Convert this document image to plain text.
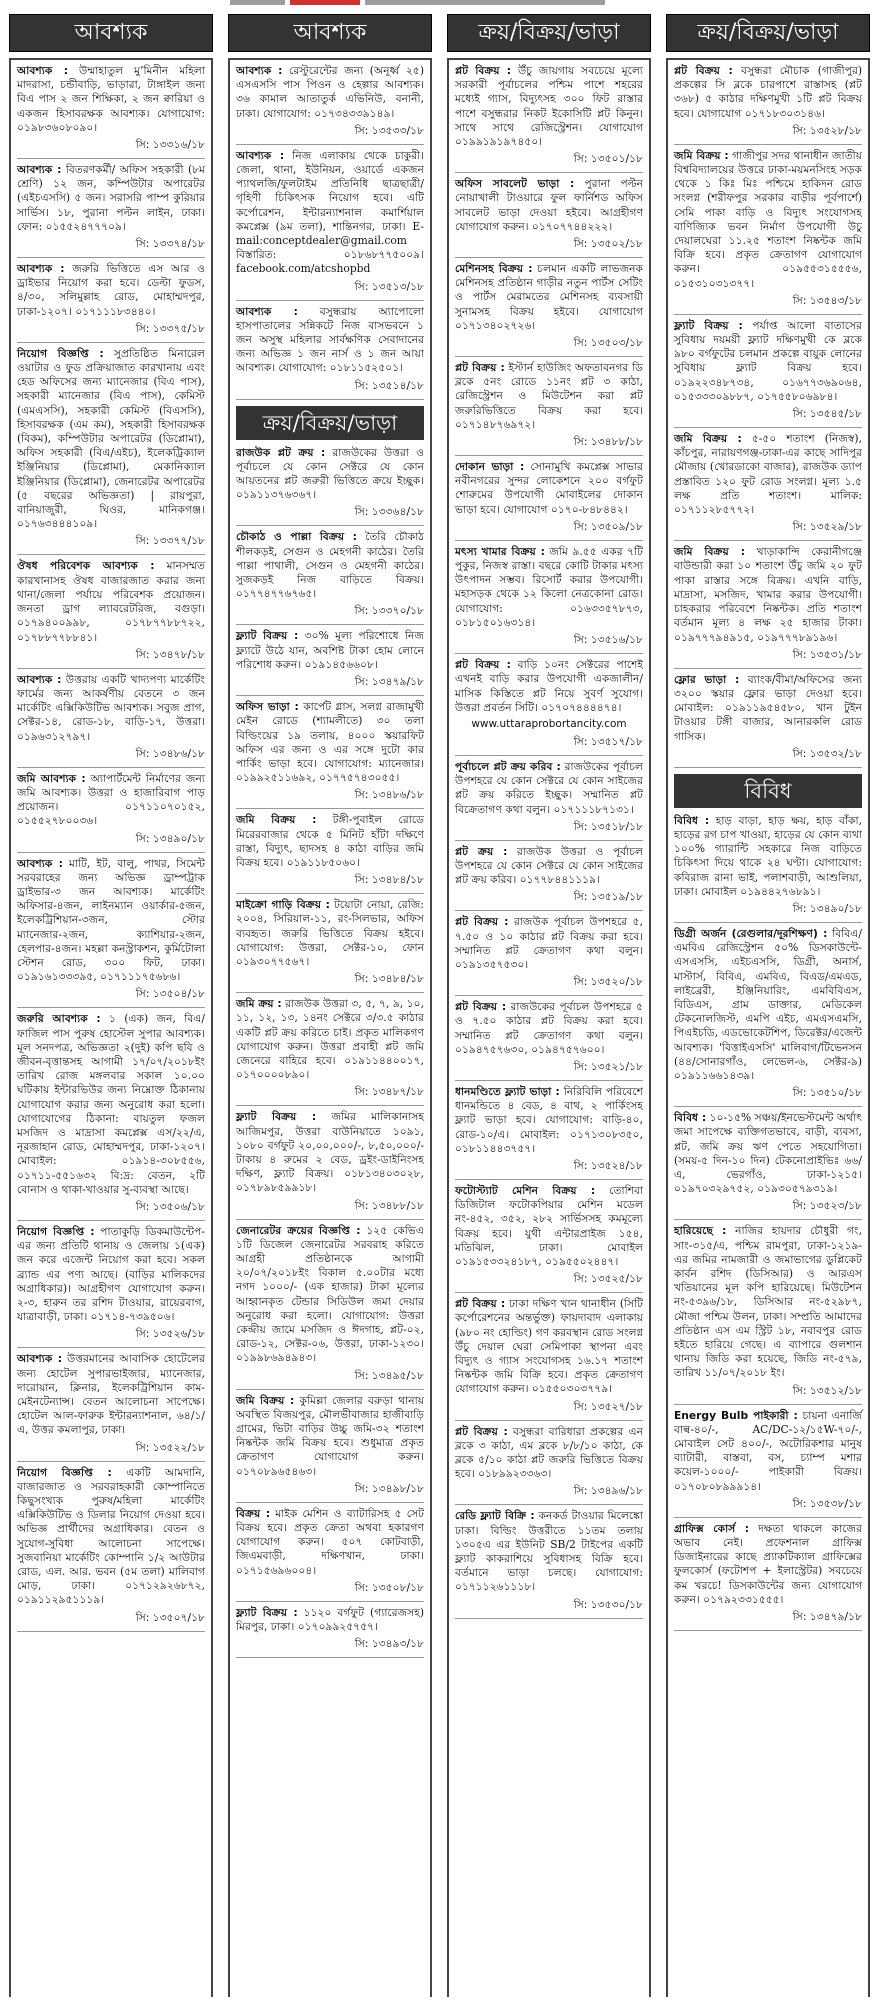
আবশ্যক

আবশ্যক : উম্মাহাতুল মু’মিনীন মহিলা মাদরাসা, চন্ডীবাড়ি, ভাড়ারা, টাঙ্গাইল জন্য বিএ পাস ২ জন শিক্ষিকা, ২ জন ক্বারিয়া ও একজন হিসাবরক্ষক আবশ্যক। যোগাযোগ: ০১৯৮৩৬০৮০৯০।

সি: ১৩৩১৬/১৮

আবশ্যক : বিতরণকর্মী/ অফিস সহকারী (৮ম শ্রেণি) ১২ জন, কম্পিউটার অপারেটর (এইচএসসি) ৫ জন। সরাসরি পাম্প কুরিয়ার সার্ভিস। ১৮, পুরানা পল্টন লাইন, ঢাকা। ফোন: ০১৫৫২৪৭৭৭০৯।

সি: ১৩৩৭৪/১৮

আবশ্যক : জরুরি ভিত্তিতে এস আর ও ড্রাইভার নিয়োগ করা হবে। ডেল্টা ফুডস, ৪/৩০, সলিমুল্লাহ রোড, মোহাম্মদপুর, ঢাকা-১২০৭। ০১৭১১১৮৩৪৪০।

সি: ১৩৩৭৫/১৮

নিয়োগ বিজ্ঞপ্তি : সুপ্রতিষ্ঠিত মিনারেল ওয়াটার ও ফুড প্রক্রিয়াজাত কারখানায় এবং হেড অফিসের জন্য ম্যানেজার (বিএ পাস), সহকারী ম্যানেজার (বিএ পাস), কেমিস্ট (এমএসসি), সহকারী কেমিস্ট (বিএসসি), হিসাবরক্ষক (এম কম), সহকারী হিসাবরক্ষক (বিকম), কম্পিউটার অপারেটর (ডিপ্লোমা), অফিস সহকারী (বিএ/এইচ), ইলেকট্রিক্যাল ইঞ্জিনিয়ার (ডিপ্লোমা), মেকানিক্যাল ইঞ্জিনিয়ার (ডিপ্লোমা), জেনারেটর অপারেটর (৫ বছরের অভিজ্ঞতা) | রায়পুরা, বানিয়াজুরী, ঘিওর, মানিকগঞ্জ। ০১৭৬৩৪৪৪১০৯।

সি: ১৩৩৭৭/১৮

ঔষধ পরিবেশক আবশ্যক : মানসম্মত কারখানাসহ ঔষধ বাজারজাত করার জন্য থানা/জেলা পর্যায়ে পরিবেশক প্রয়োজন। জনতা ড্রাগ ল্যাবরেটরিজ, বগুড়া। ০১৭৯৪০০৯৯৮, ০১৭৮৭৭৮৮৭২২, ০১৭৮৮৭৭৮৮৪১।

সি: ১৩৪৭৮/১৮

আবশ্যক : উত্তরায় একটি খাদ্যপণ্য মার্কেটিং ফার্মের জন্য আকর্ষণীয় বেতনে ৩ জন মার্কেটিং এক্সিকিউটিভ আবশ্যক। সবুজ প্রাগ, সেক্টর-১৪, রোড-১৮, বাড়ি-১৭, উত্তরা। ০১৯৬৩১২৭৯৭।

সি: ১৩৪৮৬/১৮

জমি আবশ্যক : অ্যাপার্টমেন্ট নির্মাণের জন্য জমি আবশ্যক। উত্তরা ও হাজারিবাগ পাড় প্রয়োজন। ০১৭১১০৭০১৫২, ০১৫৫২৭৮০০৩৬।

সি: ১৩৪৯০/১৮

আবশ্যক : মাটি, ইট, বালু, পাথর, সিমেন্ট সরবরাহের জন্য অভিজ্ঞ ড্রাম্পট্রাক ড্রাইভার-৩ জন আবশ্যক। মার্কেটিং অফিসার-৪জন, লাইনম্যান ওয়ার্কার-৫জন, ইলেকট্রিশিয়ান-৩জন, স্টোর ম্যানেজার-২জন, ক্যাশিয়ার-২জন, হেলপার-৪জন। মহল্লা কনস্ট্রাকশন, কুর্মিটোলা স্টেশন রোড, ৩০০ ফিট, ঢাকা। ০১৯১৬১৩৩৩৯৫, ০১৭১১১৭৫৬৮৬।

সি: ১৩৫০৪/১৮

জরুরি আবশ্যক : ১ (এক) জন, বিএ/ফাজিল পাস পুরুষ হোস্টেল সুপার আবশ্যক। মূল সনদপত্র, অভিজ্ঞতা ২(দুই) কপি ছবি ও জীবন-বৃত্তান্তসহ আগামী ১৭/০৭/২০১৮ইং তারিখ রোজ মঙ্গলবার সকাল ১০.০০ ঘটিকায় ইন্টারভিউর জন্য নিম্নোক্ত ঠিকানায় যোগাযোগ করার জন্য অনুরোধ করা হলো। যোগাযোগের ঠিকানা: বায়তুল ফজল মসজিদ ও মাদ্রাসা কমপ্লেক্স এস/২২/এ, নূরজাহান রোড, মোহাম্মদপুর, ঢাকা-১২০৭। মোবাইল: ০১৯১৪-৩০৮৫৫৬, ০১৭১১-৫৫১৬৩২ বি:দ্র: বেতন, ২টি বোনাস ও থাকা-খাওয়ার সু-ব্যবস্থা আছে।

সি: ১৩৫০৬/১৮

নিয়োগ বিজ্ঞপ্তি : পাতাকুড়ি ডিকমাউন্টেপ-এর জন্য প্রতিটি থানায় ও জেলায় ১(এক) জন করে এজেন্ট নিয়োগ করা হবে। সকল ব্র্যান্ড এর পণ্য আছে। (বাড়ির মালিকদের অগ্রাধিকার)। আগ্রহীগণ যোগাযোগ করুন। ২-৩, হারুন তর রশিদ টাওয়ার, রায়েরবাগ, যাত্রাবাড়ী, ঢাকা। ০১৭১৪-৭৩৯৫০৬।

সি: ১৩৫২৬/১৮

আবশ্যক : উত্তরমানের আবাসিক হোটেলের জন্য হোটেল সুপারভাইজার, ম্যানেজার, দারোয়ান, ক্লিনার, ইলেকট্রিশিয়ান কাম-মেইনটেন্যান্স। বেতন আলোচনা সাপেক্ষে। হোটেল আল-ফারুক ইন্টারন্যাশনাল, ৬৪/১/এ, উত্তর কমলাপুর, ঢাকা।

সি: ১৩৫২২/১৮

নিয়োগ বিজ্ঞপ্তি : একটি আমদানি, বাজারজাত ও সরবরাহকারী কোম্পানিতে কিছুসংখ্যক পুরুষ/মহিলা মার্কেটিং এক্সিকিউটিভ ও ডিলার নিয়োগ দেওয়া হবে। অভিজ্ঞ প্রার্থীদের অগ্রাধিকার। বেতন ও সুযোগ-সুবিধা আলোচনা সাপেক্ষে। সুজবানিয়া মার্কেটিং কোম্পানি ১/২ আউটার রোড, এল. আর. ভবন (৫ম তলা) মালিবাগ মোড়, ঢাকা। ০১৭১২৯২৬৮৭২, ০১৯১১২৯৫১১১৯।

সি: ১৩৫০৭/১৮
আবশ্যক

আবশ্যক : রেস্টুরেন্টের জন্য (অনূর্ধ্ব ২৫) এসএসসি পাস পিওন ও হেল্পার আবশ্যক। ৩৬ কামাল আতাতুর্ক এভিনিউ, বনানী, ঢাকা। যোগাযোগ: ০১৭৩৪৩৩৯১৪৯।

সি: ১৩৫৩৩/১৮

আবশ্যক : নিজ এলাকায় থেকে চাকুরী। জেলা, থানা, ইউনিয়ন, ওয়ার্ডে একজন প্যাথলজি/ফুলটাইম প্রতিনিধি ছাত্রছাত্রী/গৃহিণী চিকিৎসক নিয়োগ হবে। এটি কর্পোরেশন, ইন্টারন্যাশনাল কমার্শিয়াল কমপ্লেক্স (৯ম তলা), শান্তিনগর, ঢাকা। E-mail:conceptdealer@gmail.com বিস্তারিত: ০১৮৬৮৭৭৫০০৯। facebook.com/atcshopbd

সি: ১৩৫১৩/১৮

আবশ্যক : বসুন্ধরায় অ্যাপোলো হাসপাতালের সন্নিকটে নিজ বাসভবনে ১ জন অসুস্থ মহিলার সার্বক্ষণিক সেবাদানের জন্য অভিজ্ঞ ১ জন নার্স ও ১ জন আয়া আবশ্যক। যোগাযোগ: ০১৮১১৫২৫০১।

সি: ১৩৫১৪/১৮
ক্রয়/বিক্রয়/ভাড়া

রাজউক প্লট ক্রয় : রাজউকের উত্তরা ও পূর্বাচলে যে কোন সেক্টরে যে কোন আয়তনের প্লট জরুরী ভিত্তিতে ক্রয়ে ইচ্ছুক। ০১৯১১৩৭৬৩৬৭।

সি: ১৩৩৬৪/১৮

চৌকাঠ ও পাল্লা বিক্রয় : তৈরি চৌকাঠ শীলকড়ই, সেগুন ও মেহগনী কাঠের। তৈরি পাল্লা পাথালী, সেগুন ও মেহগনী কাঠের। সুজকড়ই নিজ বাড়িতে বিক্রয়। ০১৭৭৪৭৭৬৭৬৫।

সি: ১৩৩৭০/১৮

ফ্ল্যাট বিক্রয় : ৩০% মূল্য পরিশোধে নিজ ফ্ল্যাটে উঠে যান, অবশিষ্ট টাকা হোম লোনে পরিশোধ করুন। ০১৯১৪৫৬৬০৮।

সি: ১৩৪৭৯/১৮

অফিস ভাড়া : কার্পেট গ্লাস, সলগ্ন রাজামুখী মেইন রোডে (শ্যামলীতে) ৩০ তলা বিল্ডিংয়ের ১৯ তলায়, ৪০০০ স্কয়ারফিট অফিস এর জন্য ও এর সঙ্গে দুটো কার পার্কিং ভাড়া হবে। যোগাযোগ: ম্যানেজার। ০১৯৯২৫১১৬৯২, ০১৭৭৫৭৪৩০৫৫।

সি: ১৩৪৮৬/১৮

জমি বিক্রয় : টঙ্গী-পুবাইল রোডে মিরেরবাজার থেকে ৫ মিনিট হাঁটা দক্ষিণে রাস্তা, বিদ্যুৎ, ছাদসহ ৪ কাঠা বাড়ির জমি বিক্রয় হবে। ০১৯১১৮৫০৬০।

সি: ১৩৪৮৪/১৮

মাইক্রো গাড়ি বিক্রয় : টয়োটা নোয়া, রেজি: ২০০৪, সিরিয়াল-১১, রং-সিলভার, অফিস ব্যবহৃত। জরুরি ভিত্তিতে বিক্রয় হইবে। যোগাযোগ: উত্তরা, সেক্টর-১০, ফোন ০১৯৩০৭৭৫৬৭।

সি: ১৩৪৮৪/১৮

জমি ক্রয় : রাজউক উত্তরা ৩, ৫, ৭, ৯, ১০, ১১, ১২, ১৩, ১৪নং সেক্টরে ৩/৩.৫ কাঠার একটি প্লট ক্রয় করিতে চাই। প্রকৃত মালিকগণ যোগাযোগ করুন। উত্তরা প্রবাহী প্লট জমি জেনেরে বাহিরে হবে। ০১৯১১৪৪০০১৭, ০১৭০০০০৮৯০।

সি: ১৩৪৮৭/১৮

ফ্ল্যাট বিক্রয় : জমির মালিকানাসহ আজিমপুর, উত্তরা বাউনিয়াতে ১০৯১, ১০৮০ বর্গফুট ২০,০০,০০০/-, ৮,৫০,০০০/- টাকায় ৪ রুমের ২ বেড, ড্রইং-ডাইনিংসহ দক্ষিণ, ফ্ল্যাট বিক্রয়। ০১৮১৩৪০৩০২৮, ০১৭৮৯৮৫৯৯১৮।

সি: ১৩৪৮৮/১৮

জেনারেটর ক্রয়ের বিজ্ঞপ্তি : ১২৫ কেভিএ ১টি ডিজেল জেনারেটর সরবরাহ করিতে আগ্রহী প্রতিষ্ঠানকে আগামী ২০/০৭/২০১৮ইং বিকাল ৫.০০টার মধ্যে নগদ ১০০০/- (এক হাজার) টাকা মূল্যের আহ্বানকৃত টেন্ডার সিডিউল জমা দেয়ার অনুরোধ করা হলো। যোগাযোগ: উত্তরা কেন্দ্রীয় জামে মসজিদ ও ঈদগাহ, প্লট-০২, রোড-১২, সেক্টর-০৬, উত্তরা, ঢাকা-১২৩০। ০১৯৯৮৬৯৪৯৪৩।

সি: ১৩৪৯৫/১৮

জমি বিক্রয় : কুমিল্লা জেলার বরুড়া থানায় অবস্থিত বিজয়পুর, মৌলভীবাজার হাজীবাড়ি গ্রামের, ভিটা বাড়ির উচ্চু জমি-৩২ শতাংশ নিষ্কন্টক জমি বিক্রয় হবে। শুধুমাত্র প্রকৃত ক্রেতাগণ যোগাযোগ করুন। ০১৭০৮৯৬৫৪৬৩।

সি: ১৩৪৯৮/১৮

বিক্রয় : মাইক মেশিন ও ব্যাটারিসহ ৫ সেট বিক্রয় হবে। প্রকৃত ক্রেতা অথবা হকারগণ যোগাযোগ করুন। ৫০৭ কোটবাড়ী, জিএমবাড়ী, দক্ষিণখান, ঢাকা। ০১৭১৫৬৯৬০০৪।

সি: ১৩৫০৮/১৮

ফ্ল্যাট বিক্রয় : ১১২০ বর্গফুট (গ্যারেজসহ) মিরপুর, ঢাকা। ০১৭০৯৯২৫৭৫৭।

সি: ১৩৪৯৩/১৮
ক্রয়/বিক্রয়/ভাড়া

প্লট বিক্রয় : উঁচু জায়গায় সবচেয়ে মূল্যে সরকারী পূর্বাচলের পশ্চিম পাশে শহরের মধ্যেই গ্যাস, বিদ্যুৎসহ ৩০০ ফিট রাস্তার পাশে বসুন্ধরার নিকট ইকোসিটি প্লট কিনুন। সাথে সাথে রেজিস্ট্রেশন। যোগাযোগ ০১৯৯১৯১৯৭৪৫০।

সি: ১৩৫০১/১৮

অফিস সাবলেট ভাড়া : পুরানা পল্টন নোয়াখালী টাওয়ারে ফুল ফার্নিশড অফিস সাবলেট ভাড়া দেওয়া হইবে। আগ্রহীগণ যোগাযোগ করুন। ০১৭০৭৭৪৪২২২।

সি: ১৩৫০২/১৮

মেশিনসহ বিক্রয় : চলমান একটি লাভজনক মেশিনসহ প্রতিষ্ঠান গাড়ীর নতুন পার্টস সেটিং ও পার্টস মেরামতের মেশিনসহ ব্যবসায়ী সুনামসহ বিক্রয় হইবে। যোগাযোগ ০১৭১৩৪০২৭২৬।

সি: ১৩৫০৩/১৮

প্লট বিক্রয় : ইস্টার্ন হাউজিং অফতাবনগর ডি ব্লকে ৫নং রোডে ১১নং প্লট ৩ কাঠা, রেজিস্ট্রেশন ও মিউটেশন করা প্লট জরুরিভিত্তিতে বিক্রয় করা হবে। ০১৭১৪৮৭৬৯৭২।

সি: ১৩৪৮৮/১৮

দোকান ভাড়া : সোনামুখি কমপ্লেক্স সাভার নবীনগরের সুন্দর লোকেশনে ২০০ বর্গফুট শোরুমের উপযোগী মোবাইলের দোকান ভাড়া হবে। যোগাযোগ ০১৭০-৮৪৮৪৪২।

সি: ১৩৫০৯/১৮

মৎস্য খামার বিক্রয় : জমি ৯.৫৫ একর ৭টি পুকুর, নিজস্ব রাস্তা। বছরে কোটি টাকার মৎস্য উৎপাদন সম্ভব। রিসোর্ট করার উপযোগী। মহাসড়ক থেকে ১২ কিলো নেত্রকোনা রোড। যোগাযোগ: ০১৬৩৩৫৭৮৭৩, ০১৮১৫০১৬৩১৪।

সি: ১৩৫১৬/১৮

প্লট বিক্রয় : বাড়ি ১০নং সেক্টরের পাশেই এখনই বাড়ি করার উপযোগী একজালীন/মাসিক কিস্তিতে প্লট নিয়ে সুবর্ণ সুযোগ। উত্তরা প্রবর্তন সিটি। ০১৭০৭৪৪৪৪৭৪।

www.uttaraprobortancity.com
সি: ১৩৫১৭/১৮

পূর্বাচলে প্লট ক্রয় করিব : রাজউকের পূর্বাচল উপশহরে যে কোন সেক্টরে যে কোন সাইজের প্লট ক্রয় করিতে ইচ্ছুক। সম্মানিত প্লট বিক্রেতাগণ কথা বলুন। ০১৭১১১৮৭১৩১।

সি: ১৩৫১৮/১৮

প্লট ক্রয় : রাজউক উত্তরা ও পূর্বাচল উপশহরে যে কোন সেক্টরে যে কোন সাইজের প্লট ক্রয় করিব। ০১৭৭৮৪৪১১১৯।

সি: ১৩৫১৯/১৮

প্লট বিক্রয় : রাজউক পূর্বাচল উপশহরে ৫, ৭.৫০ ও ১০ কাঠার প্লট বিক্রয় করা হবে। সম্মানিত প্লট ক্রেতাগণ কথা বলুন। ০১৯১৩৫৭৫৩০।

সি: ১৩৫২০/১৮

প্লট বিক্রয় : রাজউকের পূর্বাচল উপশহরে ৫ ও ৭.৫০ কাঠার প্লট বিক্রয় করা হবে। সম্মানিত প্লট ক্রেতাগণ কথা বলুন। ০১৯৪৭৫৭৬৩০, ০১৯৪৭৫৭৬০০।

সি: ১৩৫২১/১৮

ধানমণ্ডিতে ফ্ল্যাট ভাড়া : নিরিবিলি পরিবেশে ধানমন্ডিতে ৪ বেড, ৪ বাথ, ২ পার্কিংসহ ফ্ল্যাট ভাড়া হবে। যোগাযোগ: বাড়ি-৪০, রোড-১০/এ। মোবাইল: ০১৭১৩০৮৩৫০, ০১৮১১৪৪৩৭৫৭।

সি: ১৩৫২৪/১৮

ফটোস্ট্যাট মেশিন বিক্রয় : তোশিবা ডিজিটাল ফটোকপিয়ার মেশিন মডেল নং-৪৫২, ৩৫২, ২৮২ সার্ভিসসহ কমমূল্যে বিক্রয় হবে। যুথী এন্টারপ্রাইজ ১৫৪, মতিঝিল, ঢাকা। মোবাইল ০১৯১৫৩৩২৪১৮৭, ০১৯৫৫০২৪৪৭।

সি: ১৩৫২৫/১৮

প্লট বিক্রয় : ঢাকা দক্ষিণ খান থানাধীন (সিটি কর্পোরেশনের অন্তর্ভুক্ত) ফায়দাবাদ এলাকায় (৯৮০ নং হোল্ডিং) গণ করবস্থান রোড সংলগ্ন উঁচু দেয়াল ঘেরা সেমিপাকা স্থাপনা এবং বিদ্যুৎ ও গ্যাস সংযোগসহ ১৬.১৭ শতাংশ নিষ্কন্টক জমি বিক্রি হবে। প্রকৃত ক্রেতাগণ যোগাযোগ করুন। ০১৫৫০৩০৩৭৭৯।

সি: ১৩৫২৭/১৮

প্লট বিক্রয় : বসুন্ধরা বারিধারা প্রকল্পের এন ব্লকে ৩ কাঠা, এম ব্লকে ৮/৮/১০ কাঠা, কে ব্লকে ৫/১০ কাঠা প্লট জরুরি ভিত্তিতে বিক্রয় হবে। ০১৮৯৯২৩৩৬৩।

সি: ১৩৪৯৬/১৮

রেডি ফ্ল্যাট বিক্রি : কনকর্ড টাওয়ার মিলেঙ্কো ঢাকা। বিল্ডিং উত্তরীতে ১১তম তলায় ১৩০৫এ এর ইউনিট SB/2 টাইপের একটি ফ্ল্যাট কাকরাশিয়ে সুবিধাসহ বিক্রি হবে। বর্তমানে ভাড়া চলছে। যোগাযোগ: ০১৭১১২৬১১১৮।

সি: ১৩৫৩০/১৮
ক্রয়/বিক্রয়/ভাড়া

প্লট বিক্রয় : বসুন্ধরা মৌচাক (গাজীপুর) প্রকল্পের সি ব্লকে চারপাশে রাস্তাসহ (প্লট ৩৬৮) ৫ কাঠার দক্ষিণমুখী ১টি প্লট বিক্রয় হবে। যোগাযোগ ০১৭১৮৩০৩১৪৬।

সি: ১৩৫২৮/১৮

জমি বিক্রয় : গাজীপুর সদর থানাধীন জাতীয় বিশ্ববিদ্যালয়ের উত্তরে ঢাকা-ময়মনসিংহ সড়ক থেকে ১ কিঃ মিঃ পশ্চিমে হাকিদন রোড সংলগ্ন (শরীফপুর সরকার বাড়ীর পূর্বপার্শে) সেমি পাকা বাড়ি ও বিদ্যুৎ সংযোগসহ বাণিজ্যিক ভবন নির্মাণ উপযোগী উচু দেয়ালঘেরা ১১.২৫ শতাংশ নিষ্কন্টক জমি বিক্রি হবে। প্রকৃত ক্রেতাগণ যোগাযোগ করুন। ০১৯৫৫৩১৫৫৫৬, ০১৫৩১০৩১৩৭৭।

সি: ১৩৫৪৩/১৮

ফ্ল্যাট বিক্রয় : পর্যাপ্ত আলো বাতাসের সুবিধায় দয়ময়ী ফ্ল্যাট দক্ষিণমুখী কে ব্লকে ৯৮০ বর্গফুটের চলমান প্রকল্পে বায়ুক লোনের সুবিধায় ফ্ল্যাট বিক্রয় হবে। ০১৯২২৩৪৮৭৩৪, ০১৬৭৭৩৬৯০৬৪, ০১৫৩৩৩০৯৮৮৭, ০১৭৫৫৮০৬৯৮৪।

সি: ১৩৫৪৫/১৮

জমি বিক্রয় : ৫-৫০ শতাংশ (নিজস্ব), কাঁচপুর, নারায়ণগঞ্জ-ঢাকা-এর কাছে সাদিপুর মৌজায় (খোরডাকো বাজার), রাজউক ড্যাপ প্রস্তাবিত ১২০ ফুট রোড সংলগ্ন। মূল্য ১.৫ লক্ষ প্রতি শতাংশ। মালিক: ০১৭১১২৮৫৭৭২।

সি: ১৩৫২৯/১৮

জমি বিক্রয় : খাড়াকান্দি কেরানীগঞ্জে বাউন্ডারী করা ১০ শতাংশ উঁচু জমি ২০ ফুট পাকা রাস্তার সঙ্গে বিক্রয়। এখনি বাড়ি, মাদ্রাসা, মসজিদ, খামার করার উপযোগী। চাহকরার পরিবেশে নিষ্কন্টক। প্রতি শতাংশ বর্তমান মূল্য ৪ লক্ষ ২৫ হাজার টাকা। ০১৯৭৭৭৯৪৯১৫, ০১৯৭৭৭৮৯১৯৬।

সি: ১৩৫৩১/১৮

ফ্লোর ভাড়া : ব্যাংক/বীমা/অফিসের জন্য ৩২০০ স্কয়ার ফ্লোর ভাড়া দেওয়া হবে। মোবাইল: ০১৯১১৯৫৪৫৮০, খান টুইন টাওয়ার টঙ্গী বাজার, আনারকলি রোড গাসিক।

সি: ১৩৫৩২/১৮
বিবিধ

বিবিধ : হাড় বাড়া, হাড় ক্ষয়, হাড় বাঁকা, হাড়ের রগ চাপ খাওয়া, হাড়ের যে কোন ব্যথা ১০০% গ্যারান্টি সহকারে নিজ বাড়িতে চিকিৎসা দিয়ে থাকে ২৪ ঘণ্টা। যোগাযোগ: কবিরাজ রানা ভাই, পলাশবাড়ী, আশুলিয়া, ঢাকা। মোবাইল ০১৯৪৪২৭৬৮৯১।

সি: ১৩৪৯০/১৮

ডিগ্রী অর্জন (রেগুলার/দূরশিক্ষণ) : বিবিএ/এমবিএ রেজিস্ট্রেশন ৫০% ডিসকাউন্টে-এসএসসি, এইচএসসি, ডিগ্রী, অনার্স, মাস্টার্স, বিবিএ, এমবিএ, বিএড/এমএড, লাইব্রেরী, ইঞ্জিনিয়ারিং, এমবিবিএস, বিডিএস, গ্রাম ডাক্তার, মেডিকেল টেকনোলজিস্ট, এমপি এইচ, এমএসএমসি, পিএইচডি, এডভোকেটশিপ, ডিরেক্টর/এজেন্ট আবশ্যক। 'বিত্তাইএসসি' মালিবাগ/টিভেনসন (৪৪/সোনারগাঁও, লেভেল-৬, সেক্টর-৯) ০১৯১১৬৬১৪৩৯।

সি: ১৩৫১০/১৮

বিবিধ : ১০-১৫% সঞ্চয়/ইনভেস্টমেন্ট অর্থাৎ জমা সাপেক্ষে ব্যক্তিগতভাবে, বাড়ী, ব্যবসা, প্লট, জমি ক্রয় ঋণ পেতে সহযোগিতা। (সময়-৫ দিন-১০ দিন) টেকনোপ্রাইভিঃ ৬৬/এ, ভেরগাঁও, ঢাকা-১২১৫। ০১৯৭০৩২৯৭৫২, ০১৯৩০৫৭৯৩১৯।

সি: ১৩৫২৩/১৮

হারিয়েছে : নাজির হায়দার চৌধুরী গং, সাং-৩১৫/এ, পশ্চিম রামপুরা, ঢাকা-১২১৯-এর জমির নামজারী ও জমাভাগের ডুপ্লিকেট কার্বন রশিদ (ডিসিআর) ও আরএস খতিয়ানের মূল কপি হারিয়েছে। মিউটেশন নং-৫৩৯৬/১৮, ডিসিআর নং-৫২৯৮৭, মৌজা পশ্চিম উলন, ঢাকা। সম্প্রতি আমাদের প্রতিষ্ঠান এস এম স্ট্রিট ১৮, নবাবপুর রোড হইতে হারিয়ে গেছে। এ ব্যাপারে গুলশান থানায় জিডি করা হয়েছে, জিডি নং-৫৭৯, তারিখ ১১/০৭/২০১৮ ইং।

সি: ১৩৫১২/১৮

Energy Bulb পাইকারী : চায়না এনার্জি বাল্ব-৪০/-, AC/DC-১২/১৫W-৭০/-, মোবাইল সেট ৪০০/-, অটোরিকশার মানুষ ব্যাটারী, বাস্তবা, বস, চ্যাম্প মশার কয়েল-১০০০/- পাইকারী বিক্রয়। ০১৭০৮০৮৯৯৯১৪।

সি: ১৩৫৩৮/১৮

গ্রাফিক্স কোর্স : দক্ষতা থাকলে কাজের অভাব নেই। প্রফেশনাল গ্রাফিক্স ডিজাইনারের কাছে প্র্যাকটিক্যাল গ্রাফিক্সের ফুলকোর্স (ফটোশপ + ইলাস্ট্রেটর) সবচেয়ে কম খরচে! ডিসকাউন্টের জন্য যোগাযোগ করুন। ০১৭৯২৩৩১৫৫৫।

সি: ১৩৪৭৯/১৮
